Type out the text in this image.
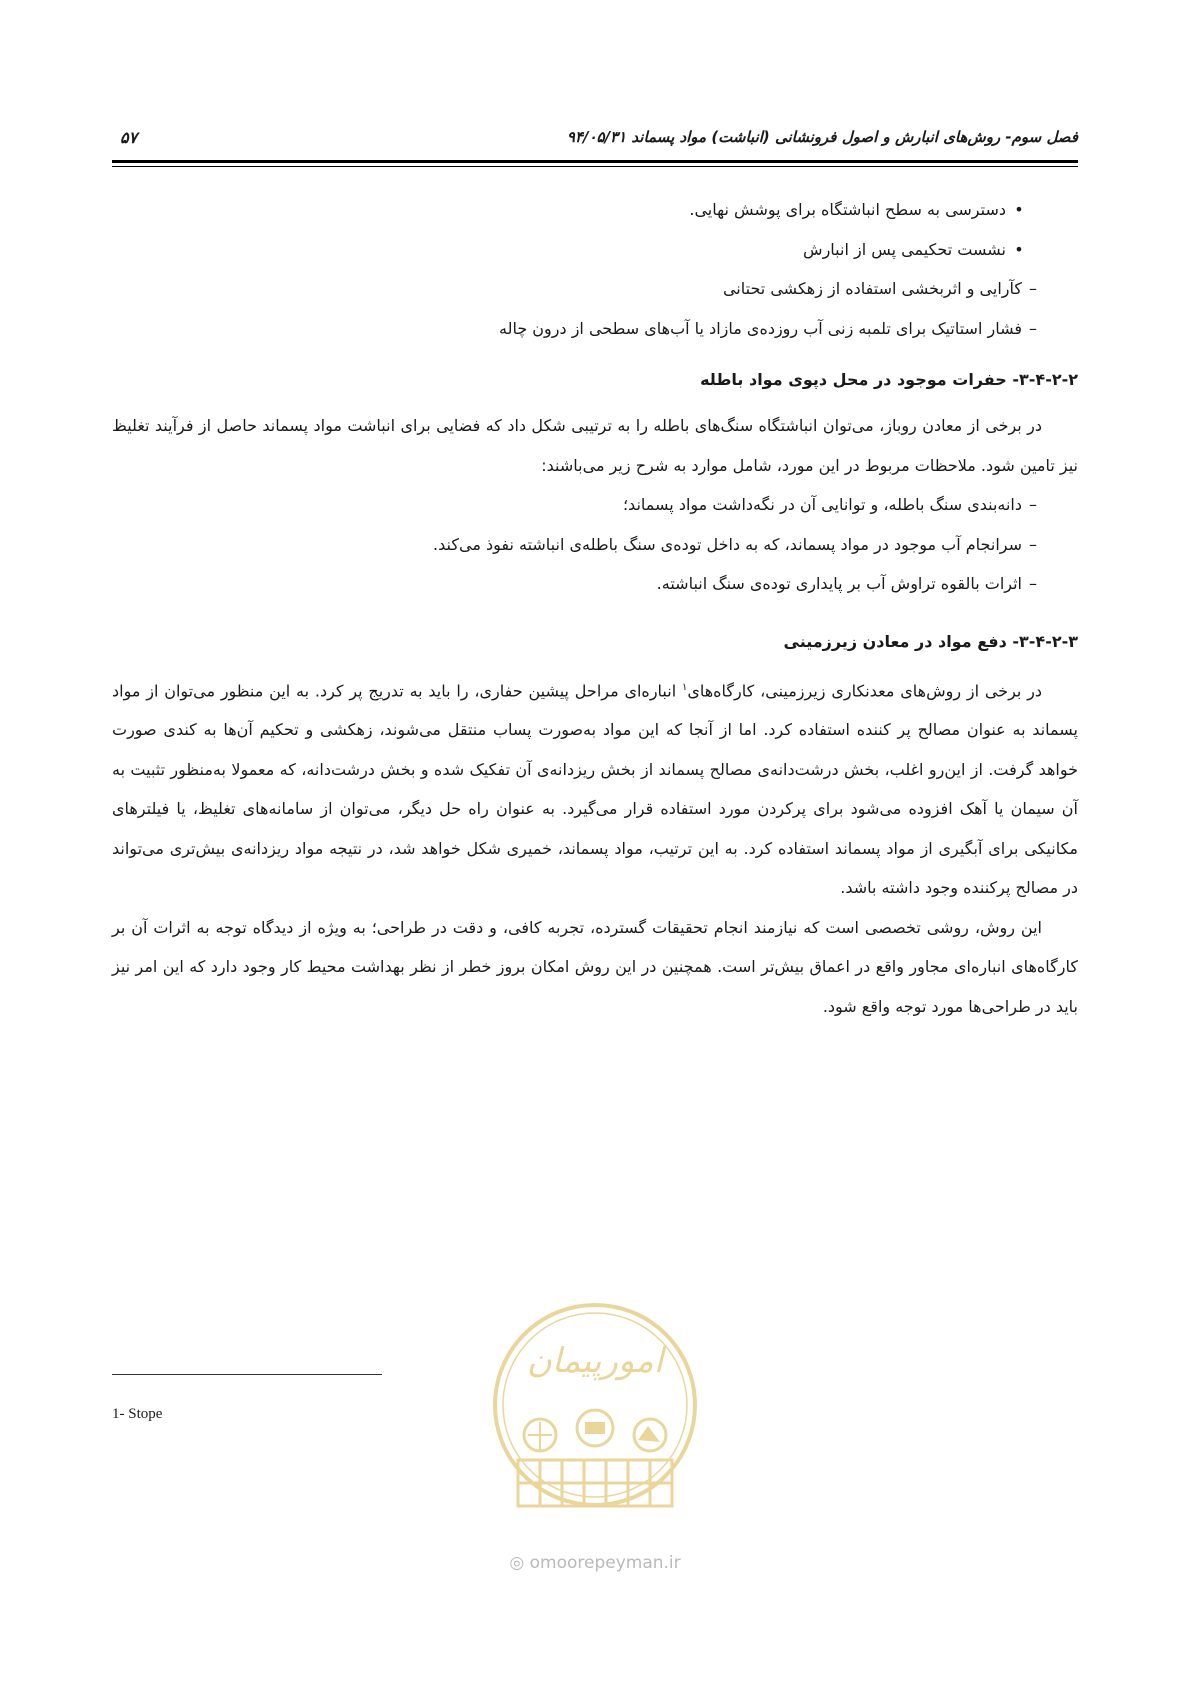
فصل سوم- روش‌های انبارش و اصول فرونشانی (انباشت) مواد پسماند ۹۴/۰۵/۳۱
۵۷
•
دسترسی به سطح انباشتگاه برای پوشش نهایی.
•
نشست تحکیمی پس از انبارش
–
کآرایی و اثربخشی استفاده از زهکشی تحتانی
–
فشار استاتیک برای تلمبه زنی آب روزده‌ی مازاد یا آب‌های سطحی از درون چاله
۳-۴-۲-۲- حفرات موجود در محل دپوی مواد باطله

در برخی از معادن روباز، می‌توان انباشتگاه سنگ‌های باطله را به ترتیبی شکل داد که فضایی برای انباشت مواد پسماند حاصل از فرآیند تغلیظ نیز تامین شود. ملاحظات مربوط در این مورد، شامل موارد به شرح زیر می‌باشند:

–
دانه‌بندی سنگ باطله، و توانایی آن در نگه‌داشت مواد پسماند؛
–
سرانجام آب موجود در مواد پسماند، که به داخل توده‌ی سنگ باطله‌ی انباشته نفوذ می‌کند.
–
اثرات بالقوه تراوش آب بر پایداری توده‌ی سنگ انباشته.
۳-۴-۲-۳- دفع مواد در معادن زیرزمینی

در برخی از روش‌های معدنکاری زیرزمینی، کارگاه‌های$^۱$ انباره‌ای مراحل پیشین حفاری، را باید به تدریج پر کرد. به این منظور می‌توان از مواد پسماند به عنوان مصالح پر کننده استفاده کرد. اما از آنجا که این مواد به‌صورت پساب منتقل می‌شوند، زهکشی و تحکیم آن‌ها به کندی صورت خواهد گرفت. از این‌رو اغلب، بخش درشت‌دانه‌ی مصالح پسماند از بخش ریزدانه‌ی آن تفکیک شده و بخش درشت‌دانه، که معمولا به‌منظور تثبیت به آن سیمان یا آهک افزوده می‌شود برای پرکردن مورد استفاده قرار می‌گیرد. به عنوان راه حل دیگر، می‌توان از سامانه‌های تغلیظ، یا فیلترهای مکانیکی برای آبگیری از مواد پسماند استفاده کرد. به این ترتیب، مواد پسماند، خمیری شکل خواهد شد، در نتیجه مواد ریزدانه‌ی بیش‌تری می‌تواند در مصالح پرکننده وجود داشته باشد.

این روش، روشی تخصصی است که نیازمند انجام تحقیقات گسترده، تجربه کافی، و دقت در طراحی؛ به ویژه از دیدگاه توجه به اثرات آن بر کارگاه‌های انباره‌ای مجاور واقع در اعماق بیش‌تر است. همچنین در این روش امکان بروز خطر از نظر بهداشت محیط کار وجود دارد که این امر نیز باید در طراحی‌ها مورد توجه واقع شود.

1- Stope
امورپیمان
◎ omoorepeyman.ir
